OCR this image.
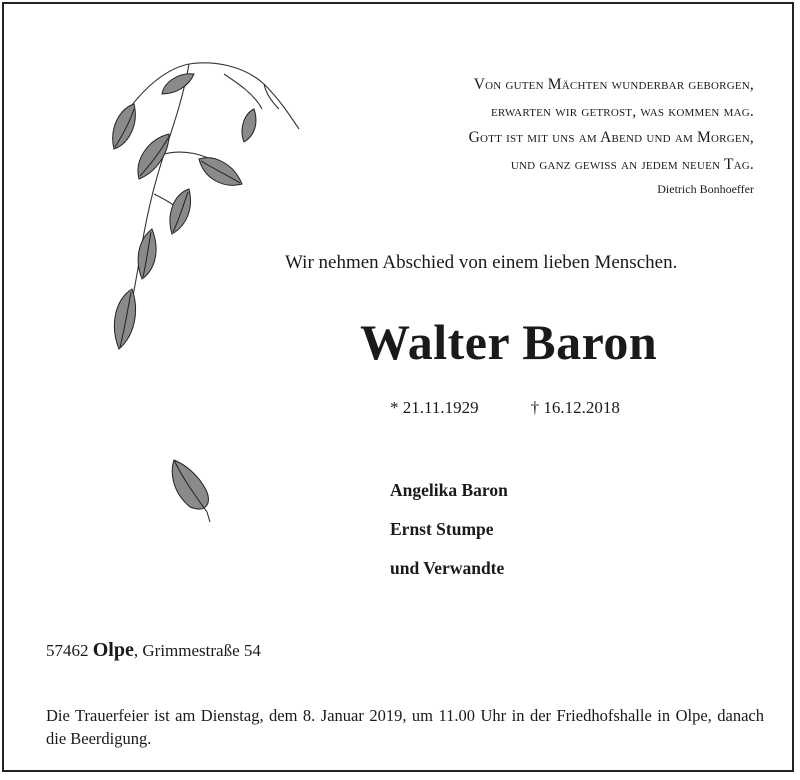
Von guten Mächten wunderbar geborgen,
erwarten wir getrost, was kommen mag.
Gott ist mit uns am Abend und am Morgen,
und ganz gewiss an jedem neuen Tag.
Dietrich Bonhoeffer
Wir nehmen Abschied von einem lieben Menschen.
Walter Baron
* 21.11.1929	† 16.12.2018
Angelika Baron
Ernst Stumpe
und Verwandte
57462 Olpe, Grimmestraße 54
Die Trauerfeier ist am Dienstag, dem 8. Januar 2019, um 11.00 Uhr in der Friedhofshalle in Olpe, danach die Beerdigung.
